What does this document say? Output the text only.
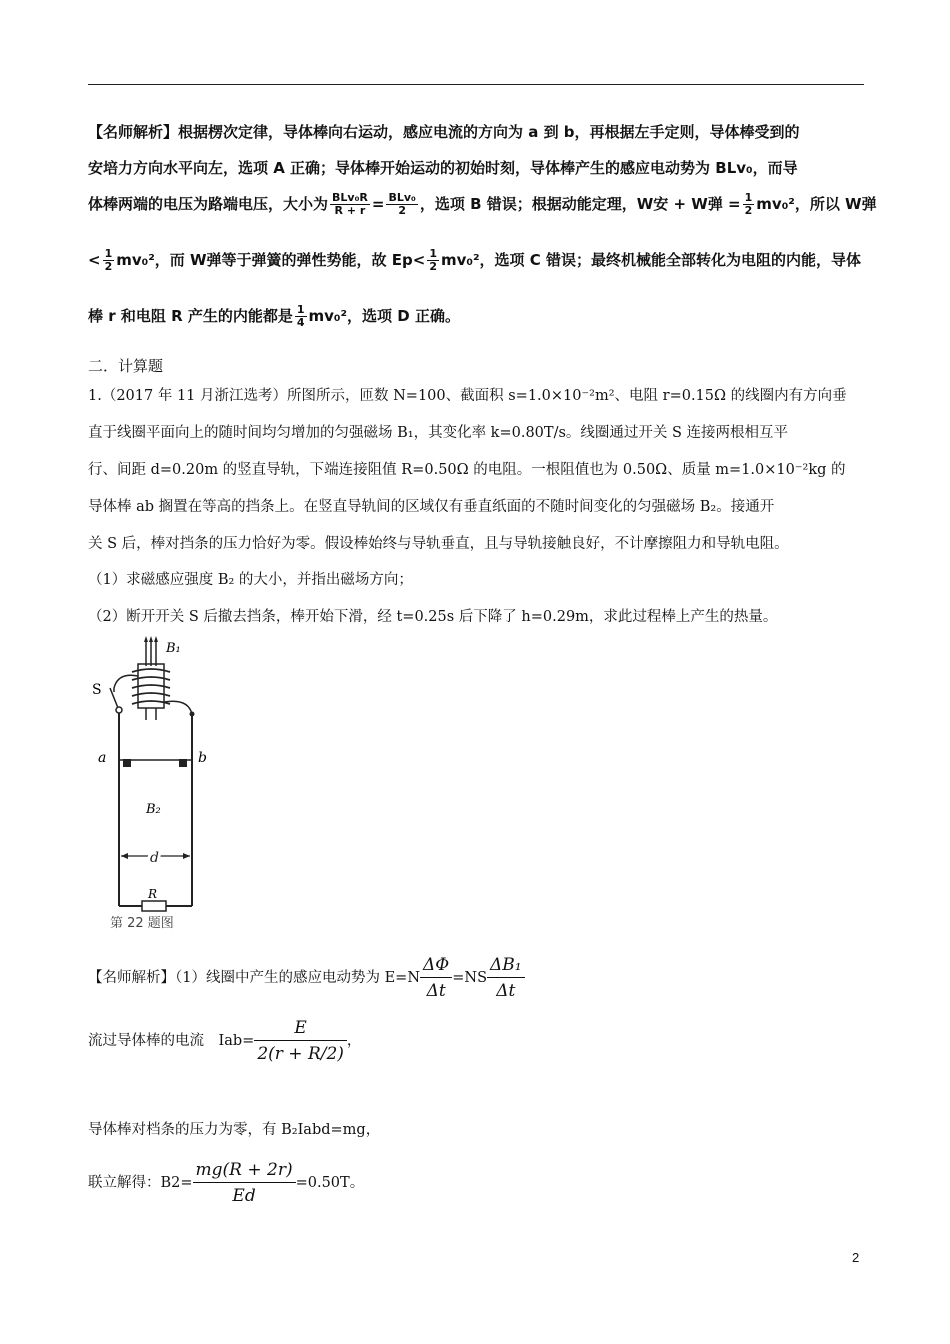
【名师解析】根据楞次定律，导体棒向右运动，感应电流的方向为 a 到 b，再根据左手定则，导体棒受到的
安培力方向水平向左，选项 A 正确；导体棒开始运动的初始时刻，导体棒产生的感应电动势为 BLv₀，而导
体棒两端的电压为路端电压，大小为 $\frac{\text{BLv₀R}}{R + r} = \frac{\text{BLv₀}}{2}$ ，选项 B 错误；根据动能定理，W安 + W弹 = $\frac{1}{2} mv_0^2$，所以 W弹
< $\frac{1}{2} mv_0^2$，而 W弹等于弹簧的弹性势能，故 $Ep< \frac{1}{2} mv_0^2$，选项 C 错误；最终机械能全部转化为电阻的内能，导体
棒 r 和电阻 R 产生的内能都是 $\frac{1}{4} mv_0^2$，选项 D 正确。
二．计算题
1.（2017 年 11 月浙江选考）所图所示，匝数 N=100、截面积 s=1.0×10⁻²m²、电阻 r=0.15Ω 的线圈内有方向垂
直于线圈平面向上的随时间均匀增加的匀强磁场 B₁，其变化率 k=0.80T/s。线圈通过开关 S 连接两根相互平
行、间距 d=0.20m 的竖直导轨，下端连接阻值 R=0.50Ω 的电阻。一根阻值也为 0.50Ω、质量 m=1.0×10⁻²kg 的
导体棒 ab 搁置在等高的挡条上。在竖直导轨间的区域仅有垂直纸面的不随时间变化的匀强磁场 B₂。接通开
关 S 后，棒对挡条的压力恰好为零。假设棒始终与导轨垂直，且与导轨接触良好，不计摩擦阻力和导轨电阻。
（1）求磁感应强度 B₂ 的大小，并指出磁场方向；
（2）断开开关 S 后撤去挡条，棒开始下滑，经 t=0.25s 后下降了 h=0.29m，求此过程棒上产生的热量。
B₁
S
a	b
B₂
d
R
第 22 题图
【名师解析】（1）线圈中产生的感应电动势为 $E=N \frac{\Delta\Phi}{\Delta t} =NS \frac{\text{ΔB₁}}{\Delta t}$
流过导体棒的电流　$Iab= \frac{E}{2(r + R/2)}$ ，
导体棒对档条的压力为零，有 B₂Iabd=mg，
联立解得：$B2= \frac{mg(R + 2r)}{Ed} =0.50T$。
2
